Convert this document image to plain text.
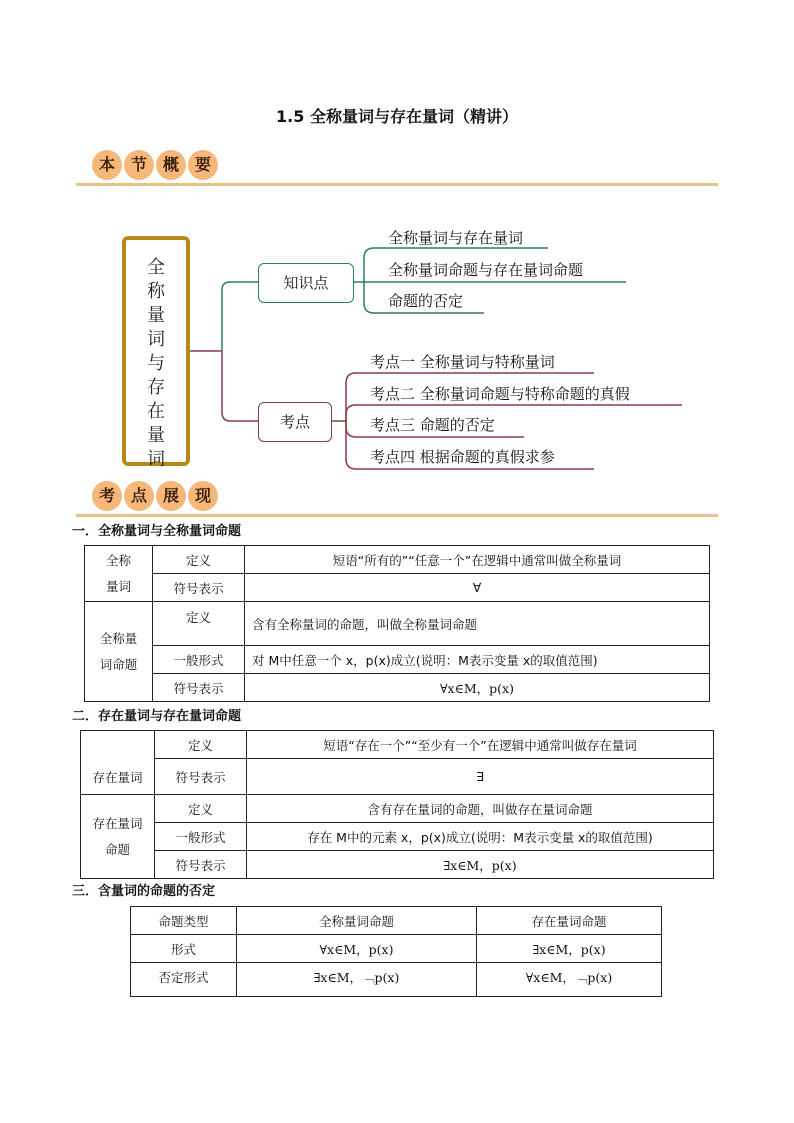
1.5 全称量词与存在量词（精讲）
本 节 概 要
全
称
量
词
与
存
在
量
词
知识点
考点
全称量词与存在量词
全称量词命题与存在量词命题
命题的否定
考点一 全称量词与特称量词
考点二 全称量词命题与特称命题的真假
考点三 命题的否定
考点四 根据命题的真假求参
考 点 展 现
一．全称量词与全称量词命题
全称
量词	定义	短语“所有的”“任意一个”在逻辑中通常叫做全称量词
	符号表示	∀

全称量
词命题	定义	含有全称量词的命题，叫做全称量词命题
	一般形式	对 M中任意一个 x，p(x)成立(说明：M表示变量 x的取值范围)
	符号表示	∀x∈M，p(x)
二．存在量词与存在量词命题
存在量词	定义	短语“存在一个”“至少有一个”在逻辑中通常叫做存在量词
	符号表示	∃

存在量词
命题	定义	含有存在量词的命题，叫做存在量词命题
	一般形式	存在 M中的元素 x，p(x)成立(说明：M表示变量 x的取值范围)
	符号表示	∃x∈M，p(x)
三．含量词的命题的否定
命题类型	全称量词命题	存在量词命题
形式	∀x∈M，p(x)	∃x∈M，p(x)
否定形式	∃x∈M，﹁p(x)	∀x∈M，﹁p(x)
